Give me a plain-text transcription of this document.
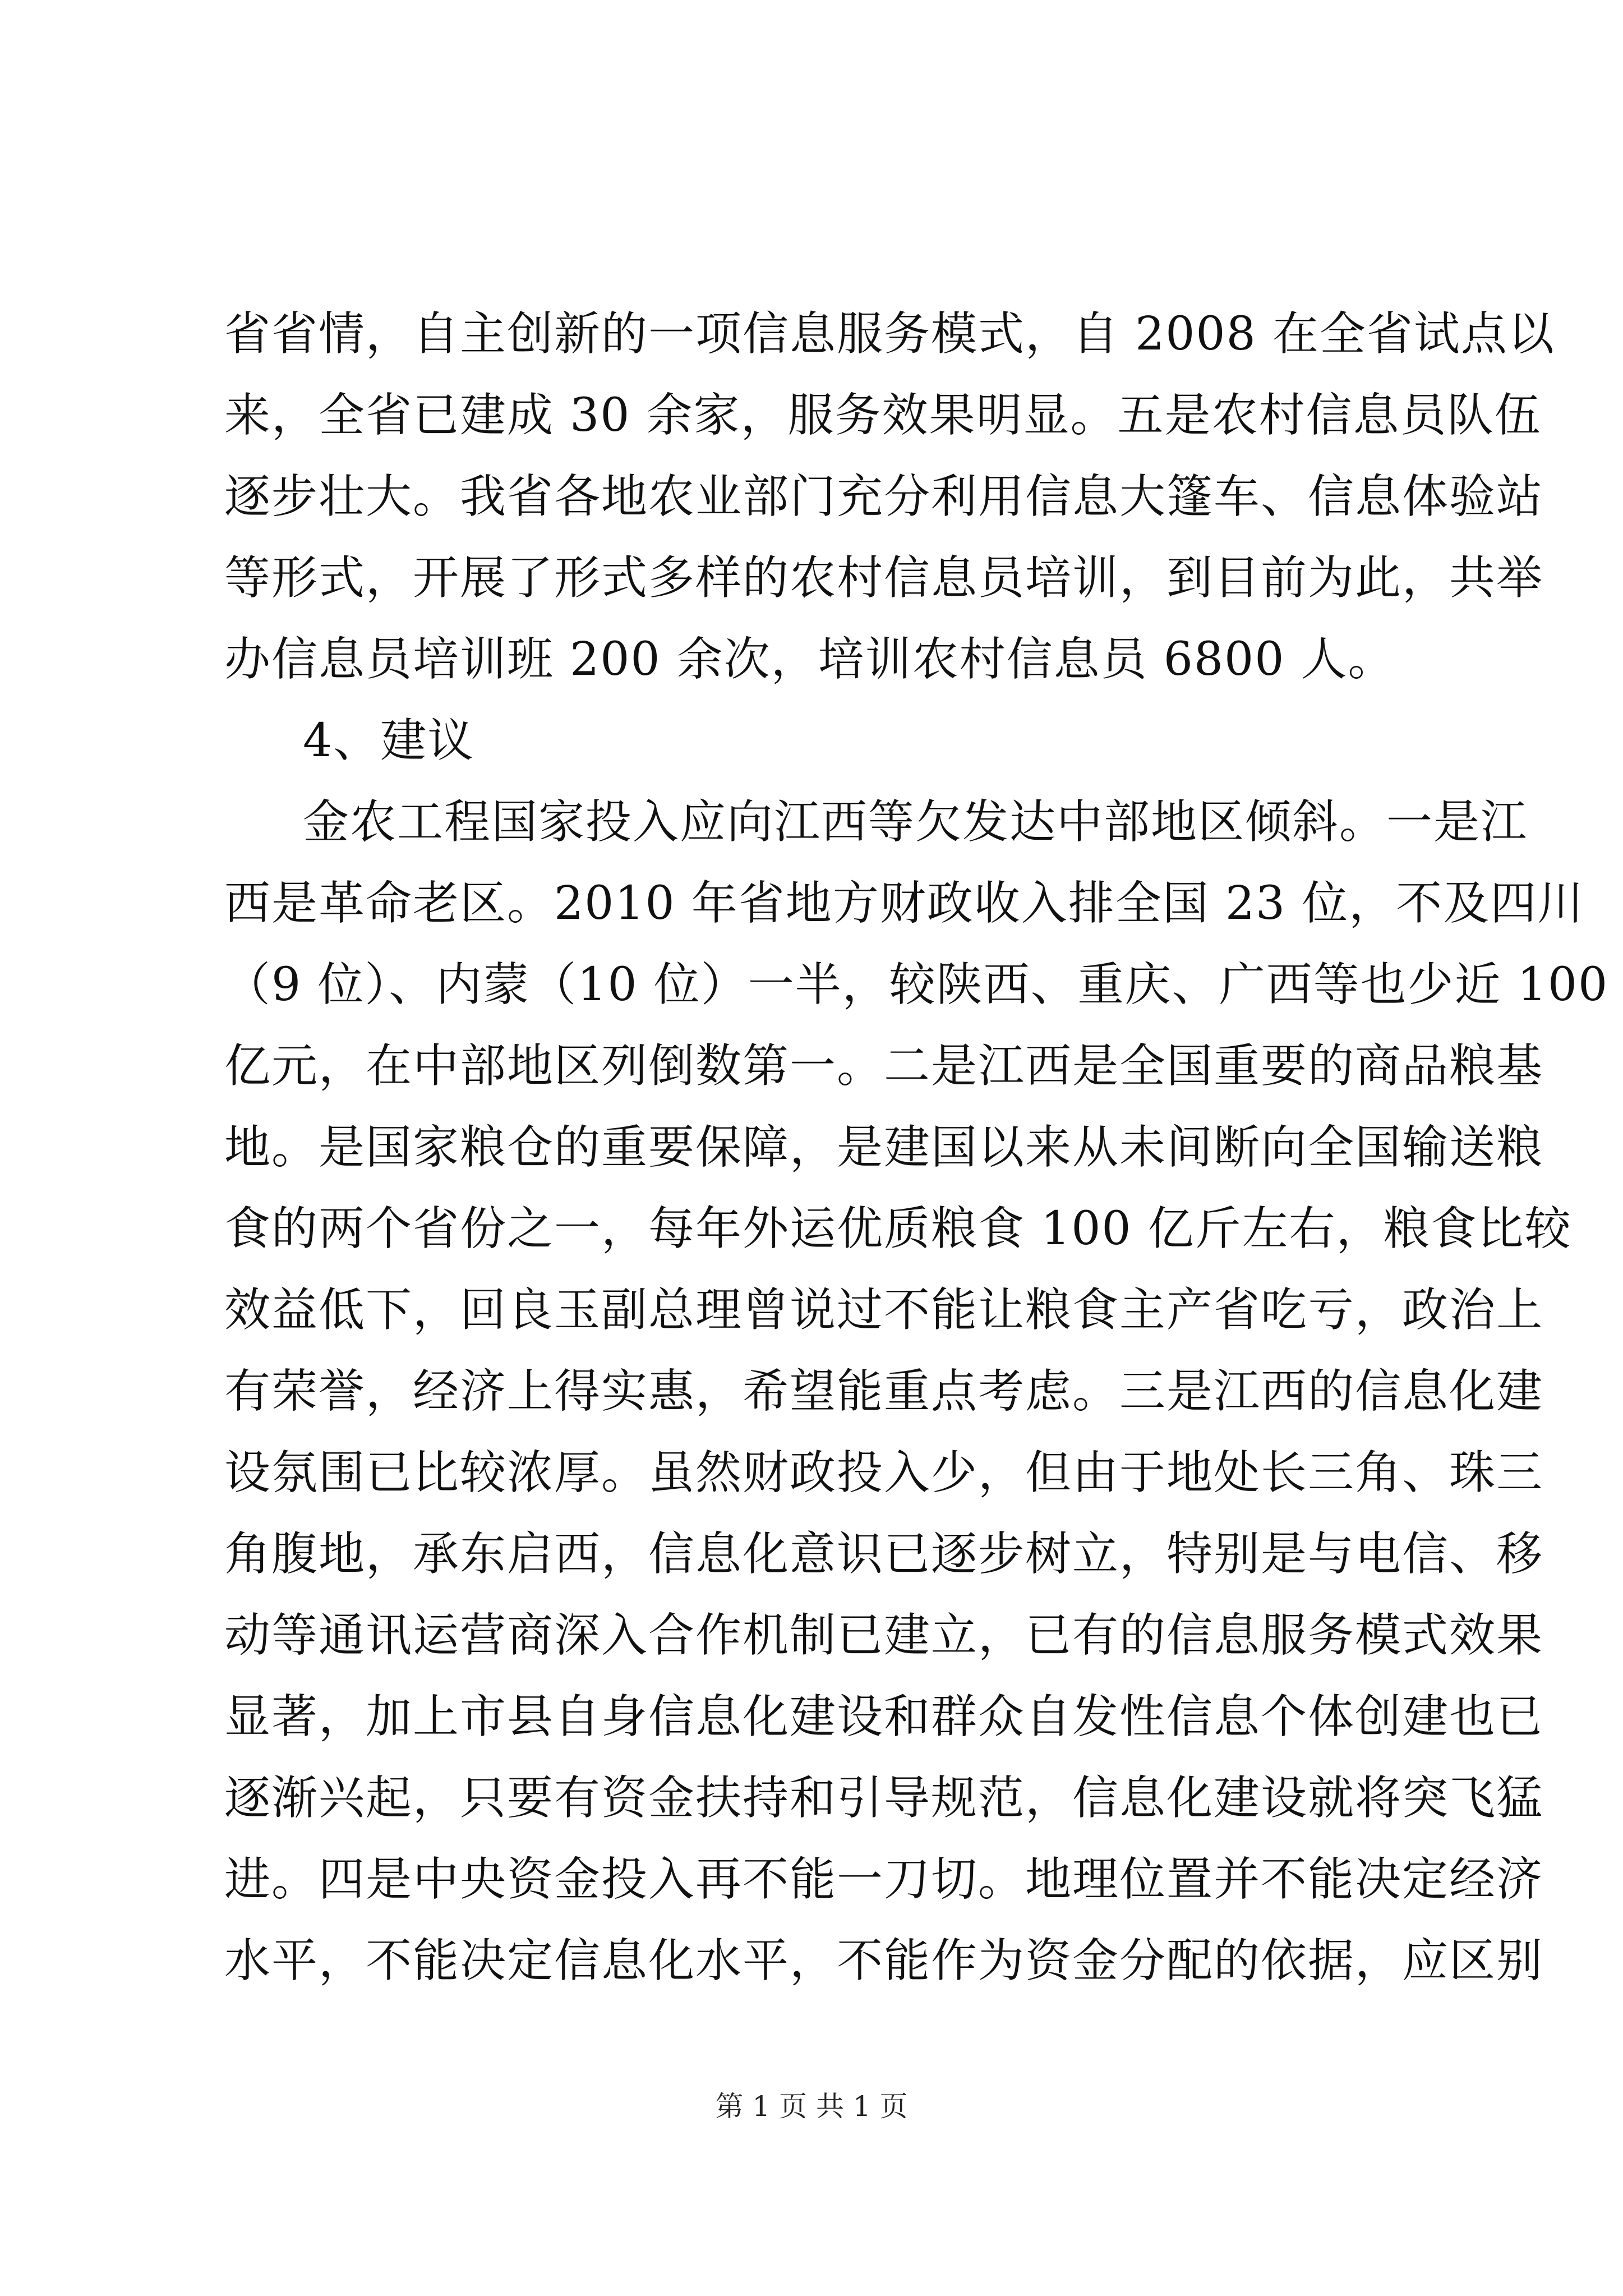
省省情，自主创新的一项信息服务模式，自 2008 在全省试点以
来，全省已建成 30 余家，服务效果明显。五是农村信息员队伍
逐步壮大。我省各地农业部门充分利用信息大篷车、信息体验站
等形式，开展了形式多样的农村信息员培训，到目前为此，共举
办信息员培训班 200 余次，培训农村信息员 6800 人。
4、建议
金农工程国家投入应向江西等欠发达中部地区倾斜。一是江
西是革命老区。2010 年省地方财政收入排全国 23 位，不及四川
（9 位）、内蒙（10 位）一半，较陕西、重庆、广西等也少近 100
亿元，在中部地区列倒数第一。二是江西是全国重要的商品粮基
地。是国家粮仓的重要保障，是建国以来从未间断向全国输送粮
食的两个省份之一，每年外运优质粮食 100 亿斤左右，粮食比较
效益低下，回良玉副总理曾说过不能让粮食主产省吃亏，政治上
有荣誉，经济上得实惠，希望能重点考虑。三是江西的信息化建
设氛围已比较浓厚。虽然财政投入少，但由于地处长三角、珠三
角腹地，承东启西，信息化意识已逐步树立，特别是与电信、移
动等通讯运营商深入合作机制已建立，已有的信息服务模式效果
显著，加上市县自身信息化建设和群众自发性信息个体创建也已
逐渐兴起，只要有资金扶持和引导规范，信息化建设就将突飞猛
进。四是中央资金投入再不能一刀切。地理位置并不能决定经济
水平，不能决定信息化水平，不能作为资金分配的依据，应区别
第 1 页 共 1 页
